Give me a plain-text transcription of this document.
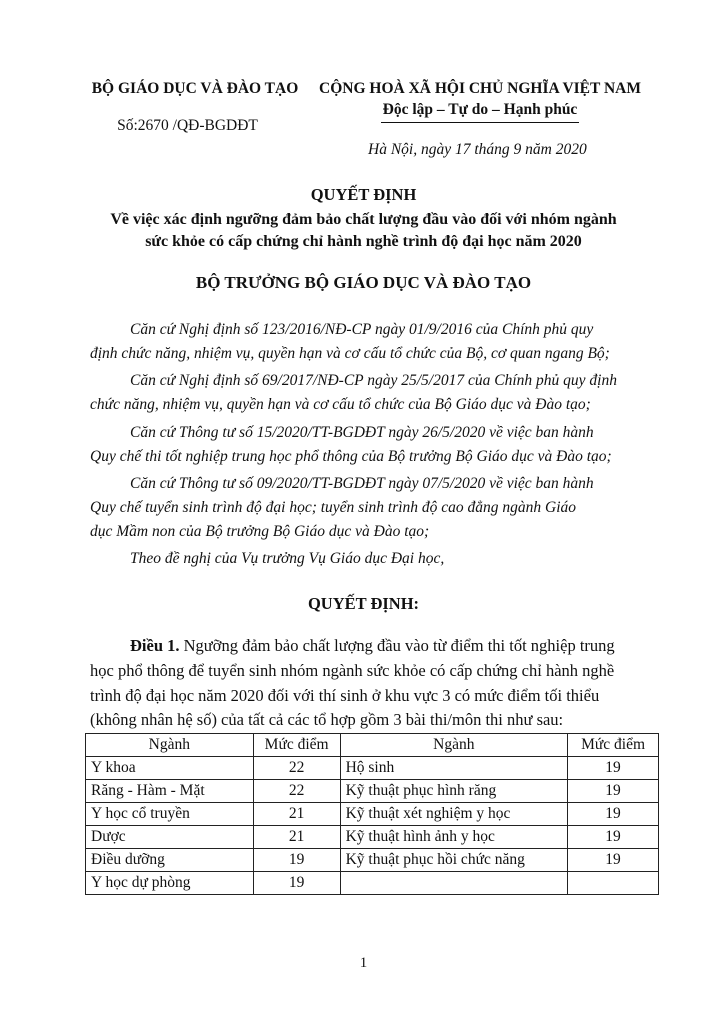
BỘ GIÁO DỤC VÀ ĐÀO TẠO
Số:2670 /QĐ-BGDĐT
CỘNG HOÀ XÃ HỘI CHỦ NGHĨA VIỆT NAM
Độc lập – Tự do – Hạnh phúc
Hà Nội, ngày 17 tháng 9 năm 2020
QUYẾT ĐỊNH
Về việc xác định ngưỡng đảm bảo chất lượng đầu vào đối với nhóm ngành
sức khỏe có cấp chứng chỉ hành nghề trình độ đại học năm 2020
BỘ TRƯỞNG BỘ GIÁO DỤC VÀ ĐÀO TẠO
Căn cứ Nghị định số 123/2016/NĐ-CP ngày 01/9/2016 của Chính phủ quy
định chức năng, nhiệm vụ, quyền hạn và cơ cấu tổ chức của Bộ, cơ quan ngang Bộ;
Căn cứ Nghị định số 69/2017/NĐ-CP ngày 25/5/2017 của Chính phủ quy định
chức năng, nhiệm vụ, quyền hạn và cơ cấu tổ chức của Bộ Giáo dục và Đào tạo;
Căn cứ Thông tư số 15/2020/TT-BGDĐT ngày 26/5/2020 về việc ban hành
Quy chế thi tốt nghiệp trung học phổ thông của Bộ trưởng Bộ Giáo dục và Đào tạo;
Căn cứ Thông tư số 09/2020/TT-BGDĐT ngày 07/5/2020 về việc ban hành
Quy chế tuyển sinh trình độ đại học; tuyển sinh trình độ cao đẳng ngành Giáo
dục Mầm non của Bộ trưởng Bộ Giáo dục và Đào tạo;
Theo đề nghị của Vụ trưởng Vụ Giáo dục Đại học,
QUYẾT ĐỊNH:
Điều 1. Ngưỡng đảm bảo chất lượng đầu vào từ điểm thi tốt nghiệp trung
học phổ thông để tuyển sinh nhóm ngành sức khỏe có cấp chứng chỉ hành nghề
trình độ đại học năm 2020 đối với thí sinh ở khu vực 3 có mức điểm tối thiểu
(không nhân hệ số) của tất cả các tổ hợp gồm 3 bài thi/môn thi như sau:
Ngành	Mức điểm	Ngành	Mức điểm
Y khoa	22	Hộ sinh	19
Răng - Hàm - Mặt	22	Kỹ thuật phục hình răng	19
Y học cổ truyền	21	Kỹ thuật xét nghiệm y học	19
Dược	21	Kỹ thuật hình ảnh y học	19
Điều dưỡng	19	Kỹ thuật phục hồi chức năng	19
Y học dự phòng	19		
1
